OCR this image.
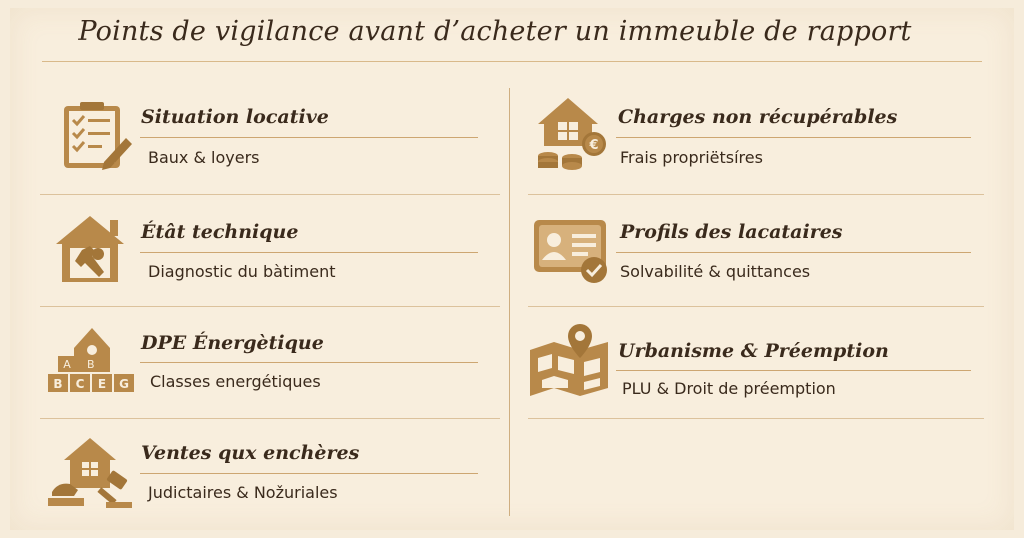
Points de vigilance avant d’acheter un immeuble de rapport
Situation locative
Baux & loyers
Étât technique
Diagnostic du bàtiment
A B
B C E G
DPE Énergètique
Classes energétiques
Ventes qux enchères
Judictaires & Nožuriales
€
Charges non récupérables
Frais propriëtsíres
Profils des lacataires
Solvabilité & quittances
Urbanisme & Préemption
PLU & Droit de préemption
